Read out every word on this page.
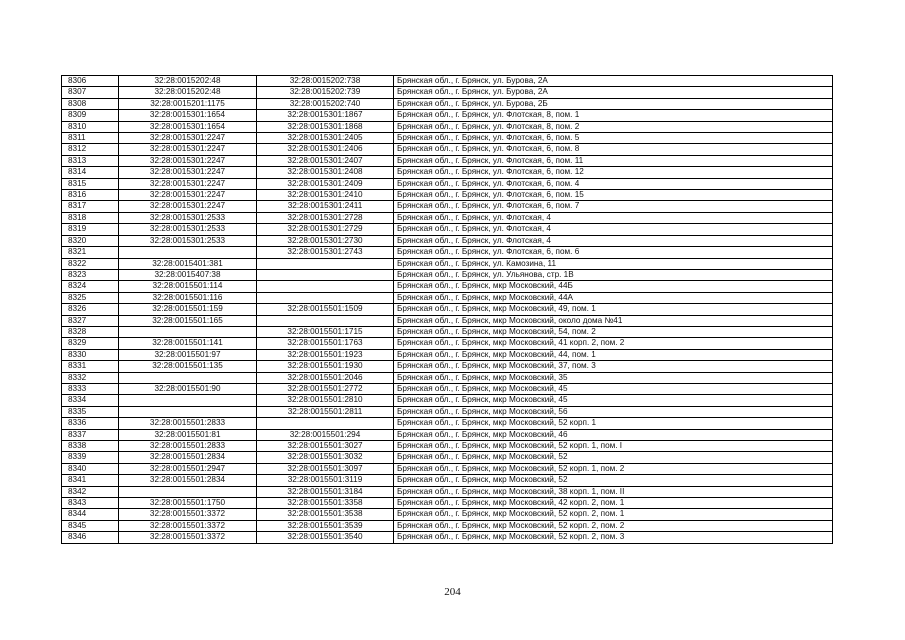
8306	32:28:0015202:48	32:28:0015202:738	Брянская обл., г. Брянск, ул. Бурова, 2А
8307	32:28:0015202:48	32:28:0015202:739	Брянская обл., г. Брянск, ул. Бурова, 2А
8308	32:28:0015201:1175	32:28:0015202:740	Брянская обл., г. Брянск, ул. Бурова, 2Б
8309	32:28:0015301:1654	32:28:0015301:1867	Брянская обл., г. Брянск, ул. Флотская, 8, пом. 1
8310	32:28:0015301:1654	32:28:0015301:1868	Брянская обл., г. Брянск, ул. Флотская, 8, пом. 2
8311	32:28:0015301:2247	32:28:0015301:2405	Брянская обл., г. Брянск, ул. Флотская, 6, пом. 5
8312	32:28:0015301:2247	32:28:0015301:2406	Брянская обл., г. Брянск, ул. Флотская, 6, пом. 8
8313	32:28:0015301:2247	32:28:0015301:2407	Брянская обл., г. Брянск, ул. Флотская, 6, пом. 11
8314	32:28:0015301:2247	32:28:0015301:2408	Брянская обл., г. Брянск, ул. Флотская, 6, пом. 12
8315	32:28:0015301:2247	32:28:0015301:2409	Брянская обл., г. Брянск, ул. Флотская, 6, пом. 4
8316	32:28:0015301:2247	32:28:0015301:2410	Брянская обл., г. Брянск, ул. Флотская, 6, пом. 15
8317	32:28:0015301:2247	32:28:0015301:2411	Брянская обл., г. Брянск, ул. Флотская, 6, пом. 7
8318	32:28:0015301:2533	32:28:0015301:2728	Брянская обл., г. Брянск, ул. Флотская, 4
8319	32:28:0015301:2533	32:28:0015301:2729	Брянская обл., г. Брянск, ул. Флотская, 4
8320	32:28:0015301:2533	32:28:0015301:2730	Брянская обл., г. Брянск, ул. Флотская, 4
8321		32:28:0015301:2743	Брянская обл., г. Брянск, ул. Флотская, 6, пом. 6
8322	32:28:0015401:381		Брянская обл., г. Брянск, ул. Камозина, 11
8323	32:28:0015407:38		Брянская обл., г. Брянск, ул. Ульянова, стр. 1В
8324	32:28:0015501:114		Брянская обл., г. Брянск, мкр Московский, 44Б
8325	32:28:0015501:116		Брянская обл., г. Брянск, мкр Московский, 44А
8326	32:28:0015501:159	32:28:0015501:1509	Брянская обл., г. Брянск, мкр Московский, 49, пом. 1
8327	32:28:0015501:165		Брянская обл., г. Брянск, мкр Московский, около дома №41
8328		32:28:0015501:1715	Брянская обл., г. Брянск, мкр Московский, 54, пом. 2
8329	32:28:0015501:141	32:28:0015501:1763	Брянская обл., г. Брянск, мкр Московский, 41 корп. 2, пом. 2
8330	32:28:0015501:97	32:28:0015501:1923	Брянская обл., г. Брянск, мкр Московский, 44, пом. 1
8331	32:28:0015501:135	32:28:0015501:1930	Брянская обл., г. Брянск, мкр Московский, 37, пом. 3
8332		32:28:0015501:2046	Брянская обл., г. Брянск, мкр Московский, 35
8333	32:28:0015501:90	32:28:0015501:2772	Брянская обл., г. Брянск, мкр Московский, 45
8334		32:28:0015501:2810	Брянская обл., г. Брянск, мкр Московский, 45
8335		32:28:0015501:2811	Брянская обл., г. Брянск, мкр Московский, 56
8336	32:28:0015501:2833		Брянская обл., г. Брянск, мкр Московский, 52 корп. 1
8337	32:28:0015501:81	32:28:0015501:294	Брянская обл., г. Брянск, мкр Московский, 46
8338	32:28:0015501:2833	32:28:0015501:3027	Брянская обл., г. Брянск, мкр Московский, 52 корп. 1, пом. I
8339	32:28:0015501:2834	32:28:0015501:3032	Брянская обл., г. Брянск, мкр Московский, 52
8340	32:28:0015501:2947	32:28:0015501:3097	Брянская обл., г. Брянск, мкр Московский, 52 корп. 1, пом. 2
8341	32:28:0015501:2834	32:28:0015501:3119	Брянская обл., г. Брянск, мкр Московский, 52
8342		32:28:0015501:3184	Брянская обл., г. Брянск, мкр Московский, 38 корп. 1, пом. II
8343	32:28:0015501:1750	32:28:0015501:3358	Брянская обл., г. Брянск, мкр Московский, 42 корп. 2, пом. 1
8344	32:28:0015501:3372	32:28:0015501:3538	Брянская обл., г. Брянск, мкр Московский, 52 корп. 2, пом. 1
8345	32:28:0015501:3372	32:28:0015501:3539	Брянская обл., г. Брянск, мкр Московский, 52 корп. 2, пом. 2
8346	32:28:0015501:3372	32:28:0015501:3540	Брянская обл., г. Брянск, мкр Московский, 52 корп. 2, пом. 3
204
